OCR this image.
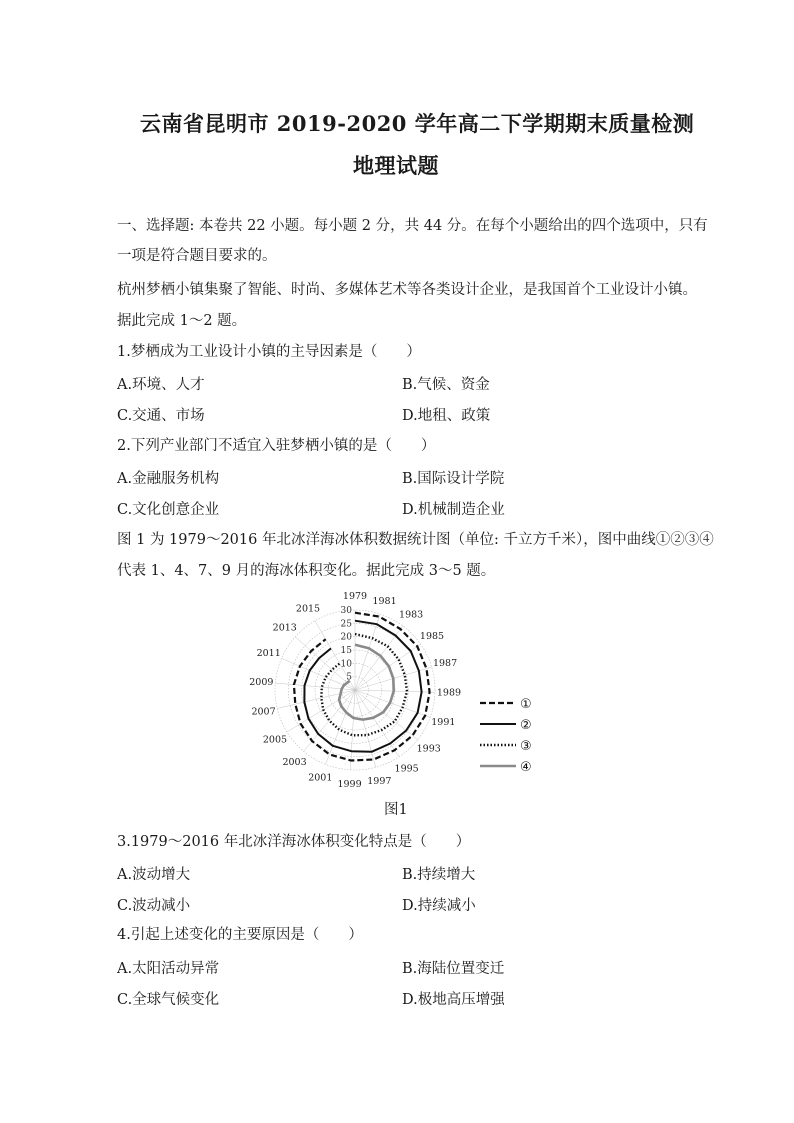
云南省昆明市 2019-2020 学年高二下学期期末质量检测
地理试题
一、选择题: 本卷共 22 小题。每小题 2 分，共 44 分。在每个小题给出的四个选项中，只有
一项是符合题目要求的。
杭州梦栖小镇集聚了智能、时尚、多媒体艺术等各类设计企业，是我国首个工业设计小镇。
据此完成 1～2 题。
1.梦栖成为工业设计小镇的主导因素是（　　）
A.环境、人才	B.气候、资金
C.交通、市场	D.地租、政策
2.下列产业部门不适宜入驻梦栖小镇的是（　　）
A.金融服务机构	B.国际设计学院
C.文化创意企业	D.机械制造企业
图 1 为 1979～2016 年北冰洋海冰体积数据统计图（单位: 千立方千米），图中曲线①②③④
代表 1、4、7、9 月的海冰体积变化。据此完成 3～5 题。
1979 1981
1983
1985
1987
1989
1991
1993
1995
1997
1999
2001
2003
2005
2007
2009
2011
2013
2015 30
25
20
15
10
5
①
②
③
④
图1
3.1979～2016 年北冰洋海冰体积变化特点是（　　）
A.波动增大	B.持续增大
C.波动减小	D.持续减小
4.引起上述变化的主要原因是（　　）
A.太阳活动异常	B.海陆位置变迁
C.全球气候变化	D.极地高压增强
